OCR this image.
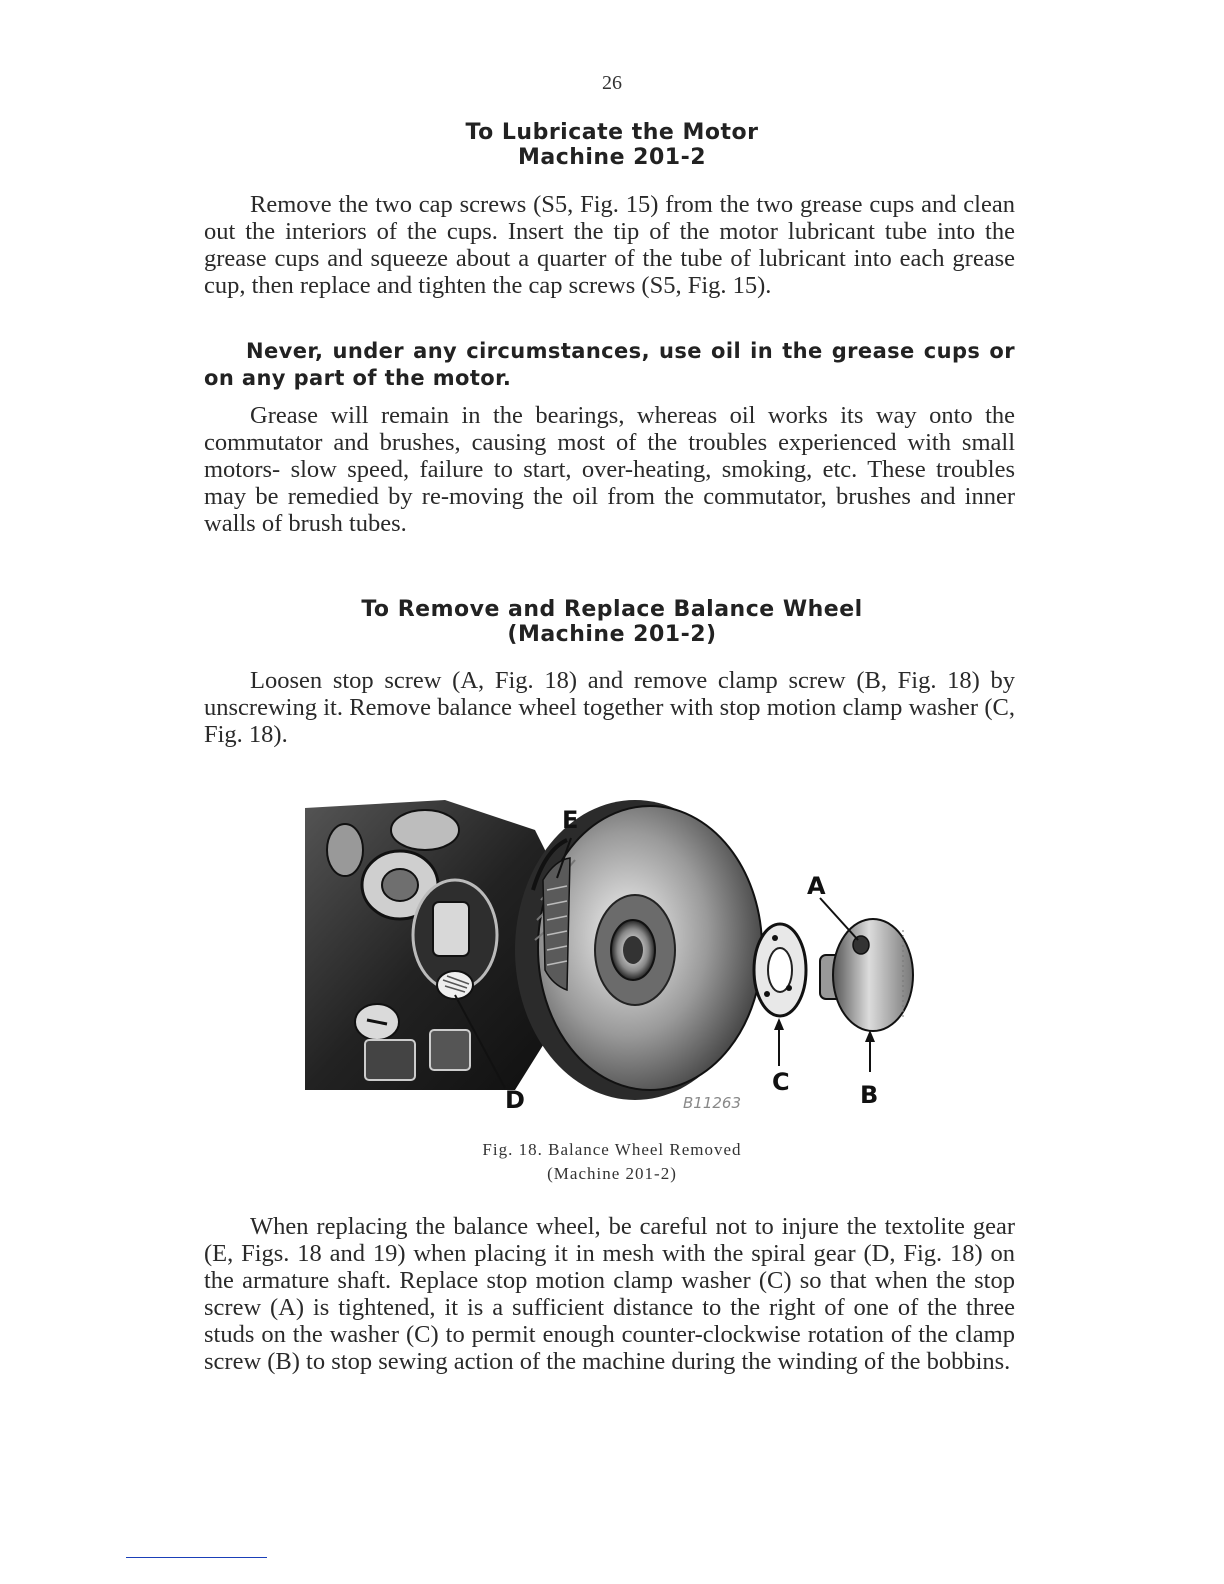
26
To Lubricate the Motor
Machine 201-2

Remove the two cap screws (S5, Fig. 15) from the two grease cups and clean out the interiors of the cups. Insert the tip of the motor lubricant tube into the grease cups and squeeze about a quarter of the tube of lubricant into each grease cup, then replace and tighten the cap screws (S5, Fig. 15).

Never, under any circumstances, use oil in the grease cups or on any part of the motor.

Grease will remain in the bearings, whereas oil works its way onto the commutator and brushes, causing most of the troubles experienced with small motors- slow speed, failure to start, over-heating, smoking, etc. These troubles may be remedied by re-moving the oil from the commutator, brushes and inner walls of brush tubes.

To Remove and Replace Balance Wheel
(Machine 201-2)

Loosen stop screw (A, Fig. 18) and remove clamp screw (B, Fig. 18) by unscrewing it. Remove balance wheel together with stop motion clamp washer (C, Fig. 18).

E
A
C	B
D	B11263
Fig. 18. Balance Wheel Removed
(Machine 201-2)

When replacing the balance wheel, be careful not to injure the textolite gear (E, Figs. 18 and 19) when placing it in mesh with the spiral gear (D, Fig. 18) on the armature shaft. Replace stop motion clamp washer (C) so that when the stop screw (A) is tightened, it is a sufficient distance to the right of one of the three studs on the washer (C) to permit enough counter-clockwise rotation of the clamp screw (B) to stop sewing action of the machine during the winding of the bobbins.
